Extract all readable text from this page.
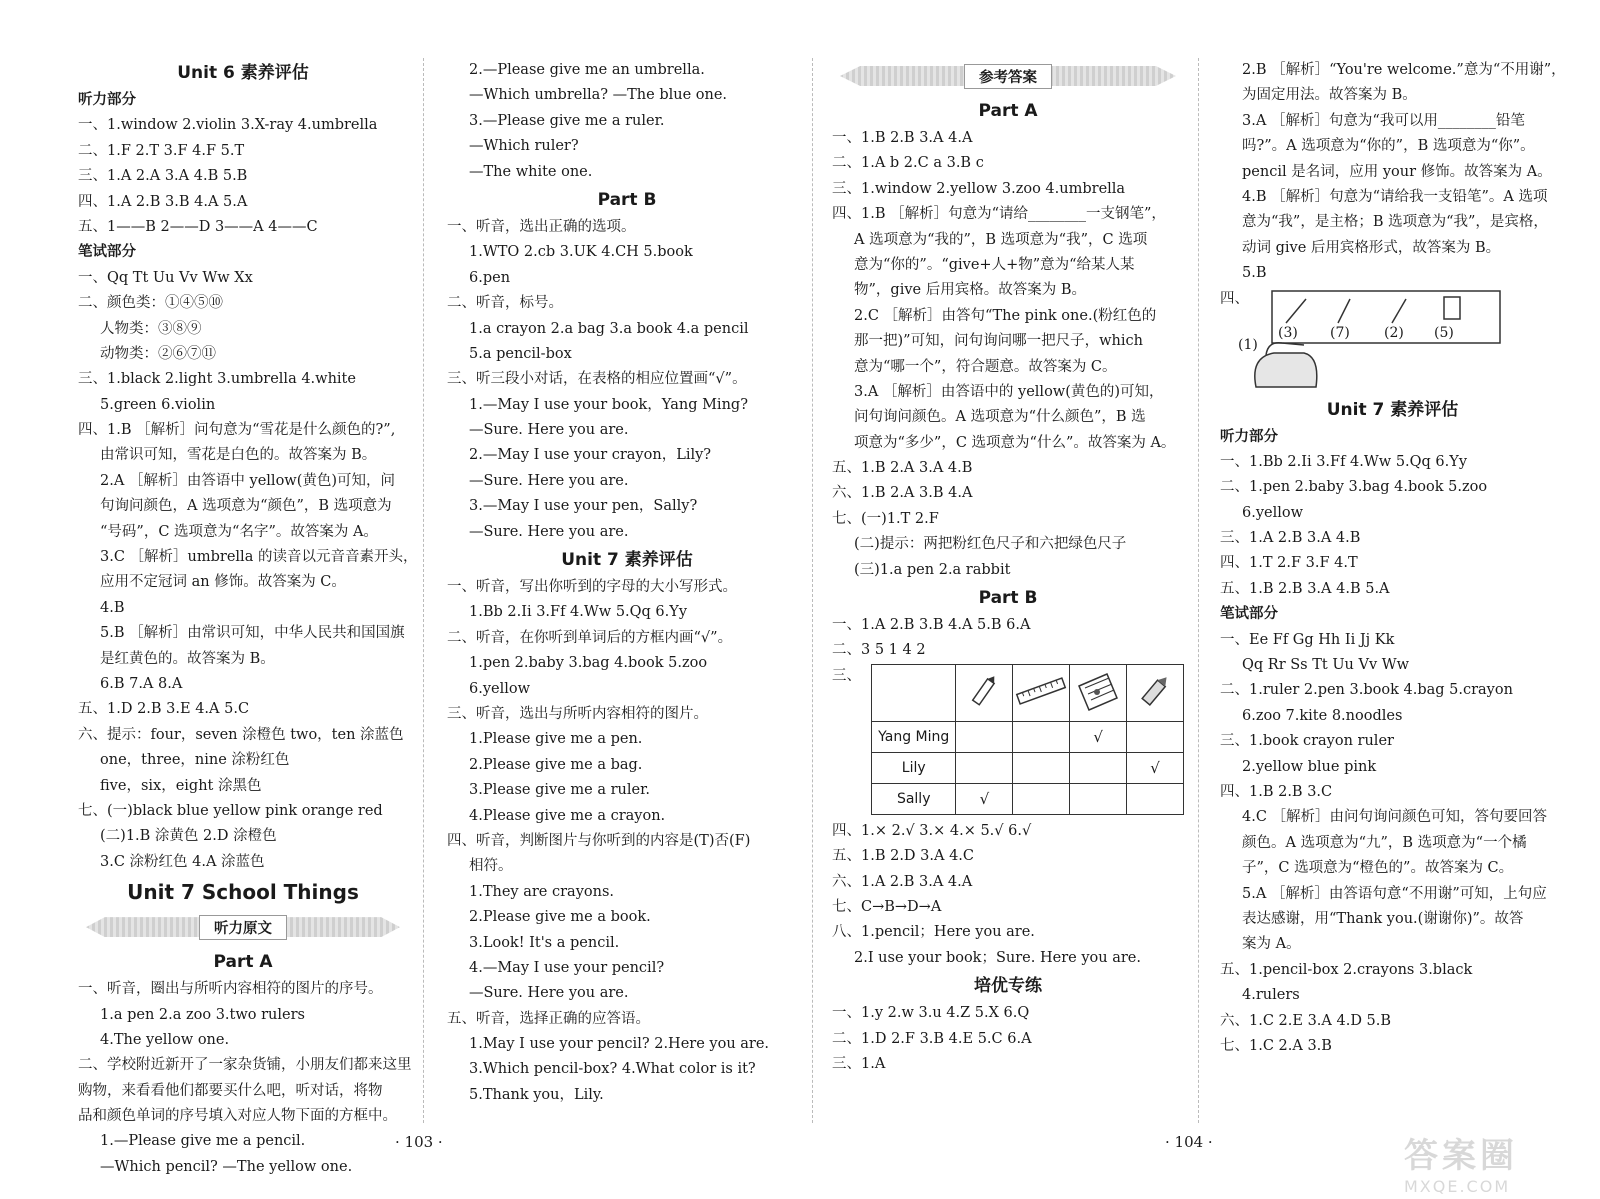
Unit 6 素养评估
听力部分
一、1.window 2.violin 3.X-ray 4.umbrella
二、1.F 2.T 3.F 4.F 5.T
三、1.A 2.A 3.A 4.B 5.B
四、1.A 2.B 3.B 4.A 5.A
五、1——B 2——D 3——A 4——C
笔试部分
一、Qq Tt Uu Vv Ww Xx
二、颜色类：①④⑤⑩
人物类：③⑧⑨
动物类：②⑥⑦⑪
三、1.black 2.light 3.umbrella 4.white
5.green 6.violin
四、1.B ［解析］问句意为“雪花是什么颜色的?”,
由常识可知，雪花是白色的。故答案为 B。
2.A ［解析］由答语中 yellow(黄色)可知，问
句询问颜色，A 选项意为“颜色”，B 选项意为
“号码”，C 选项意为“名字”。故答案为 A。
3.C ［解析］umbrella 的读音以元音音素开头，
应用不定冠词 an 修饰。故答案为 C。
4.B
5.B ［解析］由常识可知，中华人民共和国国旗
是红黄色的。故答案为 B。
6.B 7.A 8.A
五、1.D 2.B 3.E 4.A 5.C
六、提示：four，seven 涂橙色 two，ten 涂蓝色
one，three，nine 涂粉红色
five，six，eight 涂黑色
七、(一)black blue yellow pink orange red
(二)1.B 涂黄色 2.D 涂橙色
3.C 涂粉红色 4.A 涂蓝色
Unit 7 School Things
听力原文
Part A
一、听音，圈出与所听内容相符的图片的序号。
1.a pen 2.a zoo 3.two rulers
4.The yellow one.
二、学校附近新开了一家杂货铺，小朋友们都来这里
购物，来看看他们都要买什么吧，听对话，将物
品和颜色单词的序号填入对应人物下面的方框中。
1.—Please give me a pencil.
—Which pencil? —The yellow one.
2.—Please give me an umbrella.
—Which umbrella? —The blue one.
3.—Please give me a ruler.
—Which ruler?
—The white one.
Part B
一、听音，选出正确的选项。
1.WTO 2.cb 3.UK 4.CH 5.book
6.pen
二、听音，标号。
1.a crayon 2.a bag 3.a book 4.a pencil
5.a pencil-box
三、听三段小对话，在表格的相应位置画“√”。
1.—May I use your book，Yang Ming?
—Sure. Here you are.
2.—May I use your crayon，Lily?
—Sure. Here you are.
3.—May I use your pen，Sally?
—Sure. Here you are.
Unit 7 素养评估
一、听音，写出你听到的字母的大小写形式。
1.Bb 2.Ii 3.Ff 4.Ww 5.Qq 6.Yy
二、听音，在你听到单词后的方框内画“√”。
1.pen 2.baby 3.bag 4.book 5.zoo
6.yellow
三、听音，选出与所听内容相符的图片。
1.Please give me a pen.
2.Please give me a bag.
3.Please give me a ruler.
4.Please give me a crayon.
四、听音，判断图片与你听到的内容是(T)否(F)
相符。
1.They are crayons.
2.Please give me a book.
3.Look! It's a pencil.
4.—May I use your pencil?
—Sure. Here you are.
五、听音，选择正确的应答语。
1.May I use your pencil? 2.Here you are.
3.Which pencil-box? 4.What color is it?
5.Thank you，Lily.
参考答案
Part A
一、1.B 2.B 3.A 4.A
二、1.A b 2.C a 3.B c
三、1.window 2.yellow 3.zoo 4.umbrella
四、1.B ［解析］句意为“请给________一支钢笔”，
A 选项意为“我的”，B 选项意为“我”，C 选项
意为“你的”。“give+人+物”意为“给某人某
物”，give 后用宾格。故答案为 B。
2.C ［解析］由答句“The pink one.(粉红色的
那一把)”可知，问句询问哪一把尺子，which
意为“哪一个”，符合题意。故答案为 C。
3.A ［解析］由答语中的 yellow(黄色的)可知，
问句询问颜色。A 选项意为“什么颜色”，B 选
项意为“多少”，C 选项意为“什么”。故答案为 A。
五、1.B 2.A 3.A 4.B
六、1.B 2.A 3.B 4.A
七、(一)1.T 2.F
(二)提示：两把粉红色尺子和六把绿色尺子
(三)1.a pen 2.a rabbit
Part B
一、1.A 2.B 3.B 4.A 5.B 6.A
二、3 5 1 4 2
三、

Yang Ming			√	
Lily				√
Sally	√			
四、1.× 2.√ 3.× 4.× 5.√ 6.√
五、1.B 2.D 3.A 4.C
六、1.A 2.B 3.A 4.A
七、C→B→D→A
八、1.pencil；Here you are.
2.I use your book；Sure. Here you are.
培优专练
一、1.y 2.w 3.u 4.Z 5.X 6.Q
二、1.D 2.F 3.B 4.E 5.C 6.A
三、1.A
2.B ［解析］“You're welcome.”意为“不用谢”，
为固定用法。故答案为 B。
3.A ［解析］句意为“我可以用________铅笔
吗?”。A 选项意为“你的”，B 选项意为“你”。
pencil 是名词，应用 your 修饰。故答案为 A。
4.B ［解析］句意为“请给我一支铅笔”。A 选项
意为“我”，是主格；B 选项意为“我”，是宾格，
动词 give 后用宾格形式，故答案为 B。
5.B
四、
(1)
(3) (7) (2) (5)
Unit 7 素养评估
听力部分
一、1.Bb 2.Ii 3.Ff 4.Ww 5.Qq 6.Yy
二、1.pen 2.baby 3.bag 4.book 5.zoo
6.yellow
三、1.A 2.B 3.A 4.B
四、1.T 2.F 3.F 4.T
五、1.B 2.B 3.A 4.B 5.A
笔试部分
一、Ee Ff Gg Hh Ii Jj Kk
Qq Rr Ss Tt Uu Vv Ww
二、1.ruler 2.pen 3.book 4.bag 5.crayon
6.zoo 7.kite 8.noodles
三、1.book crayon ruler
2.yellow blue pink
四、1.B 2.B 3.C
4.C ［解析］由问句询问颜色可知，答句要回答
颜色。A 选项意为“九”，B 选项意为“一个橘
子”，C 选项意为“橙色的”。故答案为 C。
5.A ［解析］由答语句意“不用谢”可知，上句应
表达感谢，用“Thank you.(谢谢你)”。故答
案为 A。
五、1.pencil-box 2.crayons 3.black
4.rulers
六、1.C 2.E 3.A 4.D 5.B
七、1.C 2.A 3.B
· 103 ·	· 104 ·	答案圈
MXQE.COM
